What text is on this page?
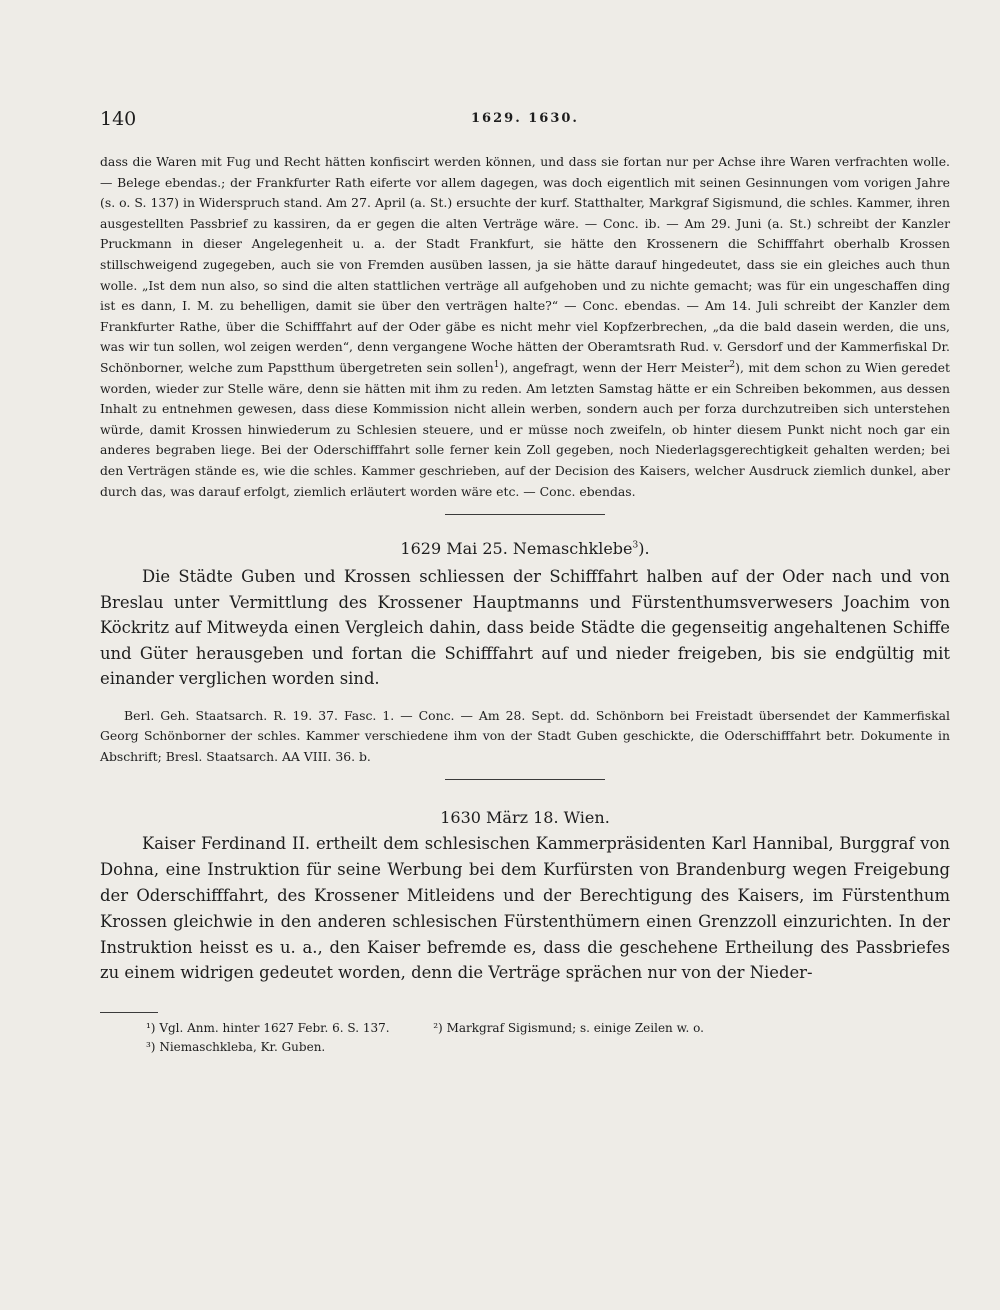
140	1629. 1630.

dass die Waren mit Fug und Recht hätten konfiscirt werden können, und dass sie fortan nur per Achse ihre Waren verfrachten wolle. — Belege ebendas.; der Frankfurter Rath eiferte vor allem dagegen, was doch eigentlich mit seinen Gesinnungen vom vorigen Jahre (s. o. S. 137) in Widerspruch stand. Am 27. April (a. St.) ersuchte der kurf. Statthalter, Markgraf Sigismund, die schles. Kammer, ihren ausgestellten Passbrief zu kassiren, da er gegen die alten Verträge wäre. — Conc. ib. — Am 29. Juni (a. St.) schreibt der Kanzler Pruckmann in dieser Angelegenheit u. a. der Stadt Frankfurt, sie hätte den Krossenern die Schifffahrt oberhalb Krossen stillschweigend zugegeben, auch sie von Fremden ausüben lassen, ja sie hätte darauf hingedeutet, dass sie ein gleiches auch thun wolle. „Ist dem nun also, so sind die alten stattlichen verträge all aufgehoben und zu nichte gemacht; was für ein ungeschaffen ding ist es dann, I. M. zu behelligen, damit sie über den verträgen halte?“ — Conc. ebendas. — Am 14. Juli schreibt der Kanzler dem Frankfurter Rathe, über die Schifffahrt auf der Oder gäbe es nicht mehr viel Kopfzerbrechen, „da die bald dasein werden, die uns, was wir tun sollen, wol zeigen werden“, denn vergangene Woche hätten der Oberamtsrath Rud. v. Gersdorf und der Kammerfiskal Dr. Schönborner, welche zum Papstthum übergetreten sein sollen$^1$), angefragt, wenn der Herr Meister$^2$), mit dem schon zu Wien geredet worden, wieder zur Stelle wäre, denn sie hätten mit ihm zu reden. Am letzten Samstag hätte er ein Schreiben bekommen, aus dessen Inhalt zu entnehmen gewesen, dass diese Kommission nicht allein werben, sondern auch per forza durchzutreiben sich unterstehen würde, damit Krossen hinwiederum zu Schlesien steuere, und er müsse noch zweifeln, ob hinter diesem Punkt nicht noch gar ein anderes begraben liege. Bei der Oderschifffahrt solle ferner kein Zoll gegeben, noch Niederlagsgerechtigkeit gehalten werden; bei den Verträgen stände es, wie die schles. Kammer geschrieben, auf der Decision des Kaisers, welcher Ausdruck ziemlich dunkel, aber durch das, was darauf erfolgt, ziemlich erläutert worden wäre etc. — Conc. ebendas.

1629 Mai 25. Nemaschklebe$^3$).

Die Städte Guben und Krossen schliessen der Schifffahrt halben auf der Oder nach und von Breslau unter Vermittlung des Krossener Hauptmanns und Fürstenthumsverwesers Joachim von Köckritz auf Mitweyda einen Vergleich dahin, dass beide Städte die gegenseitig angehaltenen Schiffe und Güter herausgeben und fortan die Schifffahrt auf und nieder freigeben, bis sie endgültig mit einander verglichen worden sind.

Berl. Geh. Staatsarch. R. 19. 37. Fasc. 1. — Conc. — Am 28. Sept. dd. Schönborn bei Freistadt übersendet der Kammerfiskal Georg Schönborner der schles. Kammer verschiedene ihm von der Stadt Guben geschickte, die Oderschifffahrt betr. Dokumente in Abschrift; Bresl. Staatsarch. AA VIII. 36. b.

1630 März 18. Wien.

Kaiser Ferdinand II. ertheilt dem schlesischen Kammerpräsidenten Karl Hannibal, Burggraf von Dohna, eine Instruktion für seine Werbung bei dem Kurfürsten von Brandenburg wegen Freigebung der Oderschifffahrt, des Krossener Mitleidens und der Berechtigung des Kaisers, im Fürstenthum Krossen gleichwie in den anderen schlesischen Fürstenthümern einen Grenzzoll einzurichten. In der Instruktion heisst es u. a., den Kaiser befremde es, dass die geschehene Ertheilung des Passbriefes zu einem widrigen gedeutet worden, denn die Verträge sprächen nur von der Nieder-

¹) Vgl. Anm. hinter 1627 Febr. 6. S. 137.	²) Markgraf Sigismund; s. einige Zeilen w. o.
³) Niemaschkleba, Kr. Guben.
